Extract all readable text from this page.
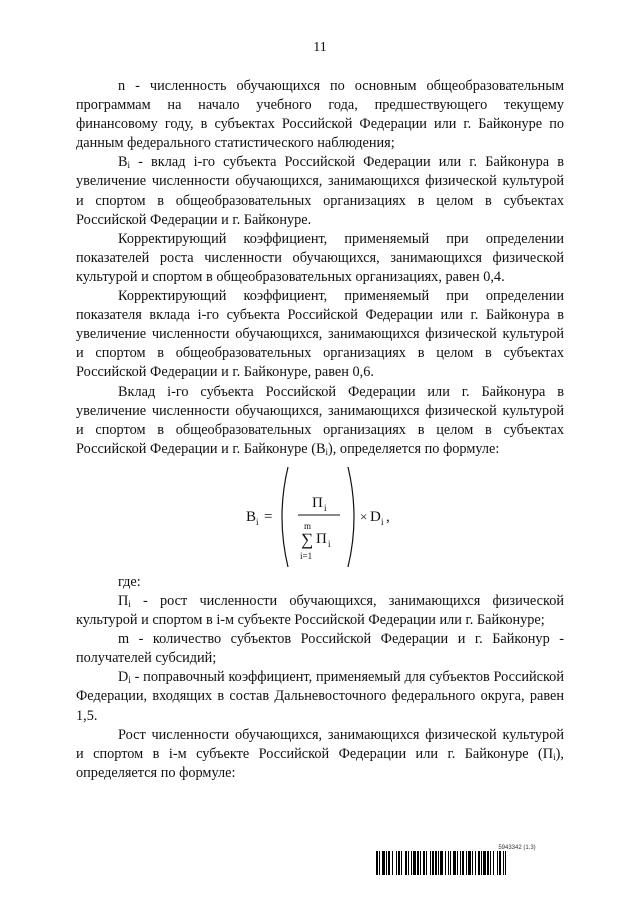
11

n - численность обучающихся по основным общеобразовательным программам на начало учебного года, предшествующего текущему финансовому году, в субъектах Российской Федерации или г. Байконуре по данным федерального статистического наблюдения;

$B_i$ - вклад i-го субъекта Российской Федерации или г. Байконура в увеличение численности обучающихся, занимающихся физической культурой и спортом в общеобразовательных организациях в целом в субъектах Российской Федерации и г. Байконуре.

Корректирующий коэффициент, применяемый при определении показателей роста численности обучающихся, занимающихся физической культурой и спортом в общеобразовательных организациях, равен 0,4.

Корректирующий коэффициент, применяемый при определении показателя вклада i-го субъекта Российской Федерации или г. Байконура в увеличение численности обучающихся, занимающихся физической культурой и спортом в общеобразовательных организациях в целом в субъектах Российской Федерации и г. Байконуре, равен 0,6.

Вклад i-го субъекта Российской Федерации или г. Байконура в увеличение численности обучающихся, занимающихся физической культурой и спортом в общеобразовательных организациях в целом в субъектах Российской Федерации и г. Байконуре $(B_i)$, определяется по формуле:

B i =
П i
m
∑ П i
i=1
× D i ,

где:

$П_i$ - рост численности обучающихся, занимающихся физической культурой и спортом в i-м субъекте Российской Федерации или г. Байконуре;

m - количество субъектов Российской Федерации и г. Байконур - получателей субсидий;

$D_i$ - поправочный коэффициент, применяемый для субъектов Российской Федерации, входящих в состав Дальневосточного федерального округа, равен 1,5.

Рост численности обучающихся, занимающихся физической культурой и спортом в i-м субъекте Российской Федерации или г. Байконуре $(П_i)$, определяется по формуле:

5943342 (1.3)
